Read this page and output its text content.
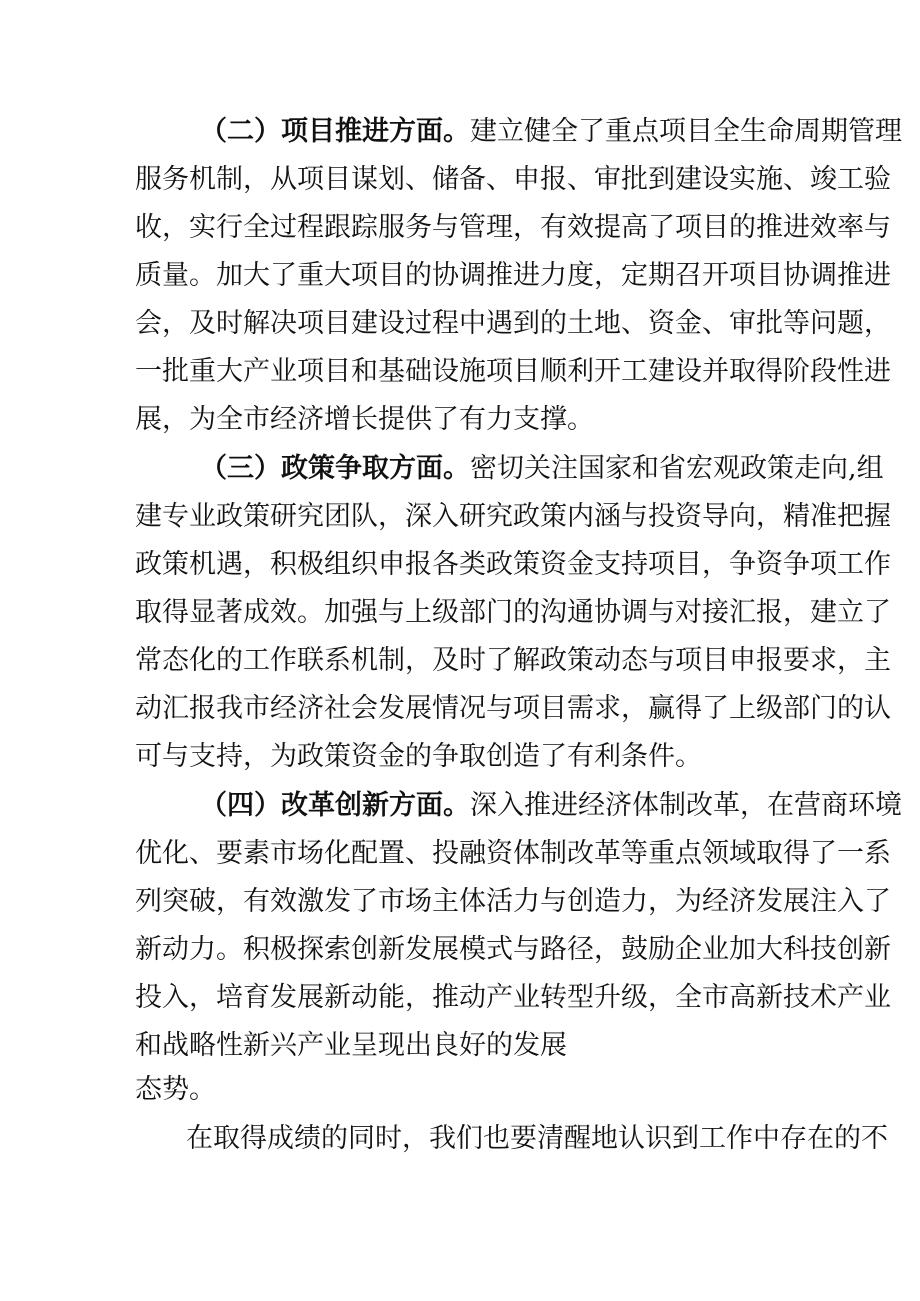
（二）项目推进方面。建立健全了重点项目全生命周期管理
服务机制，从项目谋划、储备、申报、审批到建设实施、竣工验
收，实行全过程跟踪服务与管理，有效提高了项目的推进效率与
质量。加大了重大项目的协调推进力度，定期召开项目协调推进
会，及时解决项目建设过程中遇到的土地、资金、审批等问题，
一批重大产业项目和基础设施项目顺利开工建设并取得阶段性进
展，为全市经济增长提供了有力支撑。
（三）政策争取方面。密切关注国家和省宏观政策走向,组
建专业政策研究团队，深入研究政策内涵与投资导向，精准把握
政策机遇，积极组织申报各类政策资金支持项目，争资争项工作
取得显著成效。加强与上级部门的沟通协调与对接汇报，建立了
常态化的工作联系机制，及时了解政策动态与项目申报要求，主
动汇报我市经济社会发展情况与项目需求，赢得了上级部门的认
可与支持，为政策资金的争取创造了有利条件。
（四）改革创新方面。深入推进经济体制改革，在营商环境
优化、要素市场化配置、投融资体制改革等重点领域取得了一系
列突破，有效激发了市场主体活力与创造力，为经济发展注入了
新动力。积极探索创新发展模式与路径，鼓励企业加大科技创新
投入，培育发展新动能，推动产业转型升级，全市高新技术产业
和战略性新兴产业呈现出良好的发展
态势。
在取得成绩的同时，我们也要清醒地认识到工作中存在的不
